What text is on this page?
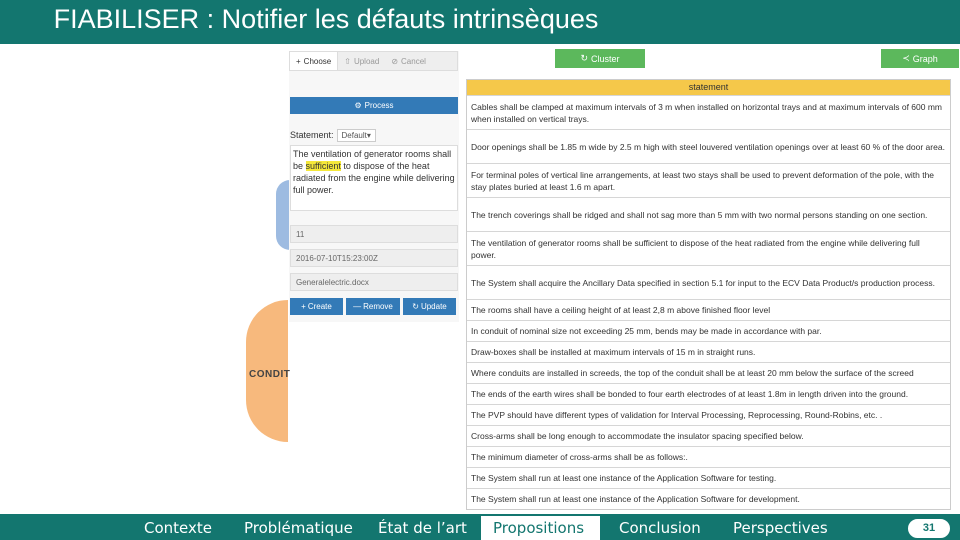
FIABILISER : Notifier les défauts intrinsèques
CONDIT
+ Choose ⇧ Upload ⊘ Cancel
⚙ Process
Statement:	Default▾
The ventilation of generator rooms shall be sufficient to dispose of the heat radiated from the engine while delivering full power.
11
2016-07-10T15:23:00Z
Generalelectric.docx
+ Create	— Remove ↻ Update
↻ Cluster	≺ Graph
statement
Cables shall be clamped at maximum intervals of 3 m when installed on horizontal trays and at maximum intervals of 600 mm when installed on vertical trays.
Door openings shall be 1.85 m wide by 2.5 m high with steel louvered ventilation openings over at least 60 % of the door area.
For terminal poles of vertical line arrangements, at least two stays shall be used to prevent deformation of the pole, with the stay plates buried at least 1.6 m apart.
The trench coverings shall be ridged and shall not sag more than 5 mm with two normal persons standing on one section.
The ventilation of generator rooms shall be sufficient to dispose of the heat radiated from the engine while delivering full power.
The System shall acquire the Ancillary Data specified in section 5.1 for input to the ECV Data Product/s production process.
The rooms shall have a ceiling height of at least 2,8 m above finished floor level
In conduit of nominal size not exceeding 25 mm, bends may be made in accordance with par.
Draw-boxes shall be installed at maximum intervals of 15 m in straight runs.
Where conduits are installed in screeds, the top of the conduit shall be at least 20 mm below the surface of the screed
The ends of the earth wires shall be bonded to four earth electrodes of at least 1.8m in length driven into the ground.
The PVP should have different types of validation for Interval Processing, Reprocessing, Round-Robins, etc. .
Cross-arms shall be long enough to accommodate the insulator spacing specified below.
The minimum diameter of cross-arms shall be as follows:.
The System shall run at least one instance of the Application Software for testing.
The System shall run at least one instance of the Application Software for development.
Contexte Problématique État de l’art Propositions Conclusion Perspectives	31
